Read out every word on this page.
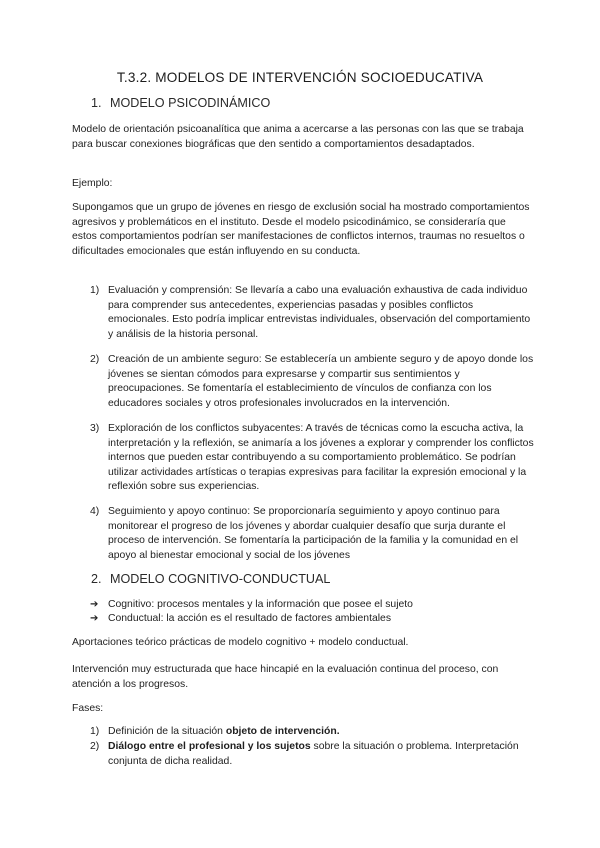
T.3.2. MODELOS DE INTERVENCIÓN SOCIOEDUCATIVA
1. MODELO PSICODINÁMICO
Modelo de orientación psicoanalítica que anima a acercarse a las personas con las que se trabaja para buscar conexiones biográficas que den sentido a comportamientos desadaptados.
Ejemplo:
Supongamos que un grupo de jóvenes en riesgo de exclusión social ha mostrado comportamientos agresivos y problemáticos en el instituto. Desde el modelo psicodinámico, se consideraría que estos comportamientos podrían ser manifestaciones de conflictos internos, traumas no resueltos o dificultades emocionales que están influyendo en su conducta.
1) Evaluación y comprensión: Se llevaría a cabo una evaluación exhaustiva de cada individuo para comprender sus antecedentes, experiencias pasadas y posibles conflictos emocionales. Esto podría implicar entrevistas individuales, observación del comportamiento y análisis de la historia personal.
2) Creación de un ambiente seguro: Se establecería un ambiente seguro y de apoyo donde los jóvenes se sientan cómodos para expresarse y compartir sus sentimientos y preocupaciones. Se fomentaría el establecimiento de vínculos de confianza con los educadores sociales y otros profesionales involucrados en la intervención.
3) Exploración de los conflictos subyacentes: A través de técnicas como la escucha activa, la interpretación y la reflexión, se animaría a los jóvenes a explorar y comprender los conflictos internos que pueden estar contribuyendo a su comportamiento problemático. Se podrían utilizar actividades artísticas o terapias expresivas para facilitar la expresión emocional y la reflexión sobre sus experiencias.
4) Seguimiento y apoyo continuo: Se proporcionaría seguimiento y apoyo continuo para monitorear el progreso de los jóvenes y abordar cualquier desafío que surja durante el proceso de intervención. Se fomentaría la participación de la familia y la comunidad en el apoyo al bienestar emocional y social de los jóvenes
2. MODELO COGNITIVO-CONDUCTUAL
➔ Cognitivo: procesos mentales y la información que posee el sujeto
➔ Conductual: la acción es el resultado de factores ambientales
Aportaciones teórico prácticas de modelo cognitivo + modelo conductual.
Intervención muy estructurada que hace hincapié en la evaluación continua del proceso, con atención a los progresos.
Fases:
1) Definición de la situación objeto de intervención.
2) Diálogo entre el profesional y los sujetos sobre la situación o problema. Interpretación conjunta de dicha realidad.
